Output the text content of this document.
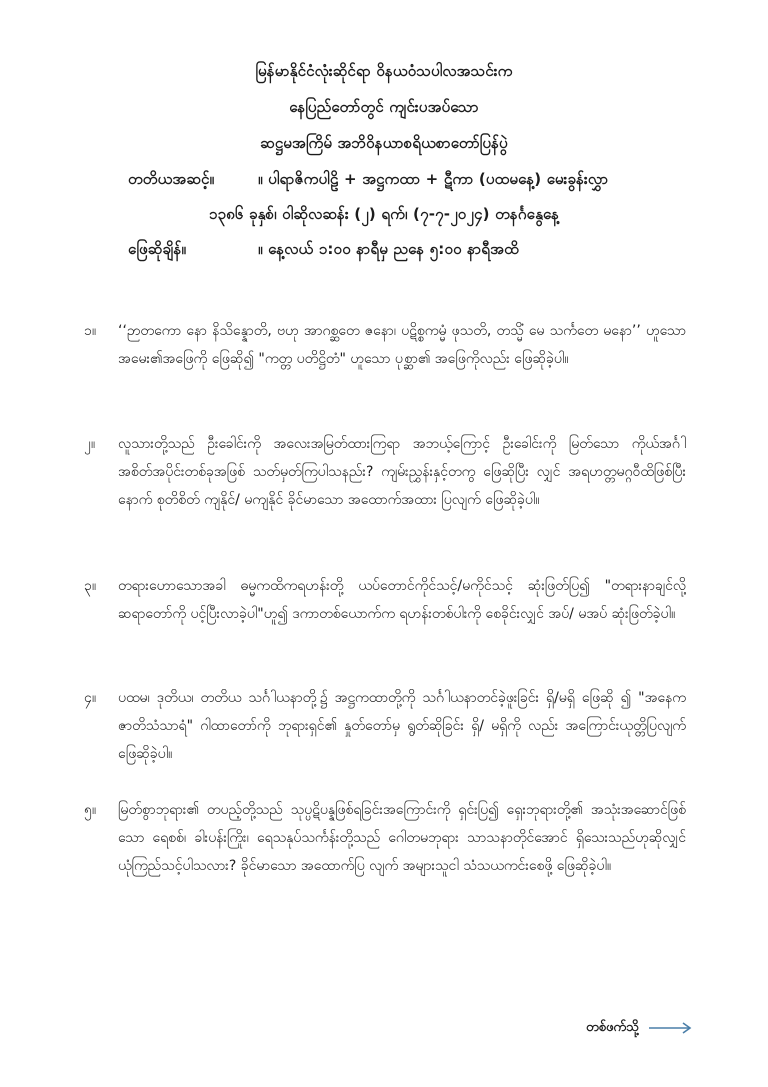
မြန်မာနိုင်ငံလုံးဆိုင်ရာ ဝိနယဝံသပါလအသင်းက
နေပြည်တော်တွင် ကျင်းပအပ်သော
ဆဋ္ဌမအကြိမ် အဘိဝိနယာစရိယစာတော်ပြန်ပွဲ
တတိယအဆင့်။	။ ပါရာဇိကပါဠိ + အဋ္ဌကထာ + ဋီကာ (ပထမနေ့) မေးခွန်းလွှာ
၁၃၈၆ ခုနှစ်၊ ဝါဆိုလဆန်း (၂) ရက်၊ (၇-၇-၂၀၂၄) တနင်္ဂနွေနေ့
ဖြေဆိုချိန်။	။ နေ့လယ် ၁:၀၀ နာရီမှ ညနေ ၅:၀၀ နာရီအထိ
၁။ ‘‘ဉာတကော နော နိသိန္နောတိ, ဗဟု အာဂစ္ဆတေ ဇနော၊ ပဋိစ္စကမ္မံ ဖုသတိ, တသ္မိံ မေ သင်္ကတေ မနော’’ ဟူသော အမေး၏အဖြေကို ဖြေဆို၍ "ကတ္တ ပတိဋ္ဌိတံ" ဟူသော ပုစ္ဆာ၏ အဖြေကိုလည်း ဖြေဆိုခဲ့ပါ။
၂။ လူသားတို့သည် ဦးခေါင်းကို အလေးအမြတ်ထားကြရာ အဘယ့်ကြောင့် ဦးခေါင်းကို မြတ်သော ကိုယ်အင်္ဂါအစိတ်အပိုင်းတစ်ခုအဖြစ် သတ်မှတ်ကြပါသနည်း? ကျမ်းညွှန်းနှင့်တကွ ဖြေဆိုပြီး လျှင် အရဟတ္တမဂ္ဂဝီထိဖြစ်ပြီးနောက် စုတိစိတ် ကျနိုင်/ မကျနိုင် ခိုင်မာသော အထောက်အထား ပြလျက် ဖြေဆိုခဲ့ပါ။
၃။ တရားဟောသောအခါ ဓမ္မကထိကရဟန်းတို့ ယပ်တောင်ကိုင်သင့်/မကိုင်သင့် ဆုံးဖြတ်ပြ၍ "တရားနာချင်လို့ ဆရာတော်ကို ပင့်ပြီးလာခဲ့ပါ"ဟူ၍ ဒကာတစ်ယောက်က ရဟန်းတစ်ပါးကို စေခိုင်းလျှင် အပ်/ မအပ် ဆုံးဖြတ်ခဲ့ပါ။
၄။ ပထမ၊ ဒုတိယ၊ တတိယ သင်္ဂါယနာတို့၌ အဋ္ဌကထာတို့ကို သင်္ဂါယနာတင်ခဲ့ဖူးခြင်း ရှိ/မရှိ ဖြေဆို ၍ "အနေကဇာတိသံသာရံ" ဂါထာတော်ကို ဘုရားရှင်၏ နှုတ်တော်မှ ရွတ်ဆိုခြင်း ရှိ/ မရှိကို လည်း အကြောင်းယုတ္တိပြလျက် ဖြေဆိုခဲ့ပါ။
၅။ မြတ်စွာဘုရား၏ တပည့်တို့သည် သုပ္ပဋိပန္နဖြစ်ရခြင်းအကြောင်းကို ရှင်းပြ၍ ရှေးဘုရားတို့၏ အသုံးအဆောင်ဖြစ်သော ရေစစ်၊ ခါးပန်းကြိုး၊ ရေသနုပ်သင်္ကန်းတို့သည် ဂေါတမဘုရား သာသနာတိုင်အောင် ရှိသေးသည်ဟုဆိုလျှင် ယုံကြည်သင့်ပါသလား? ခိုင်မာသော အထောက်ပြ လျက် အများသူငါ သံသယကင်းစေဖို့ ဖြေဆိုခဲ့ပါ။
တစ်ဖက်သို့
